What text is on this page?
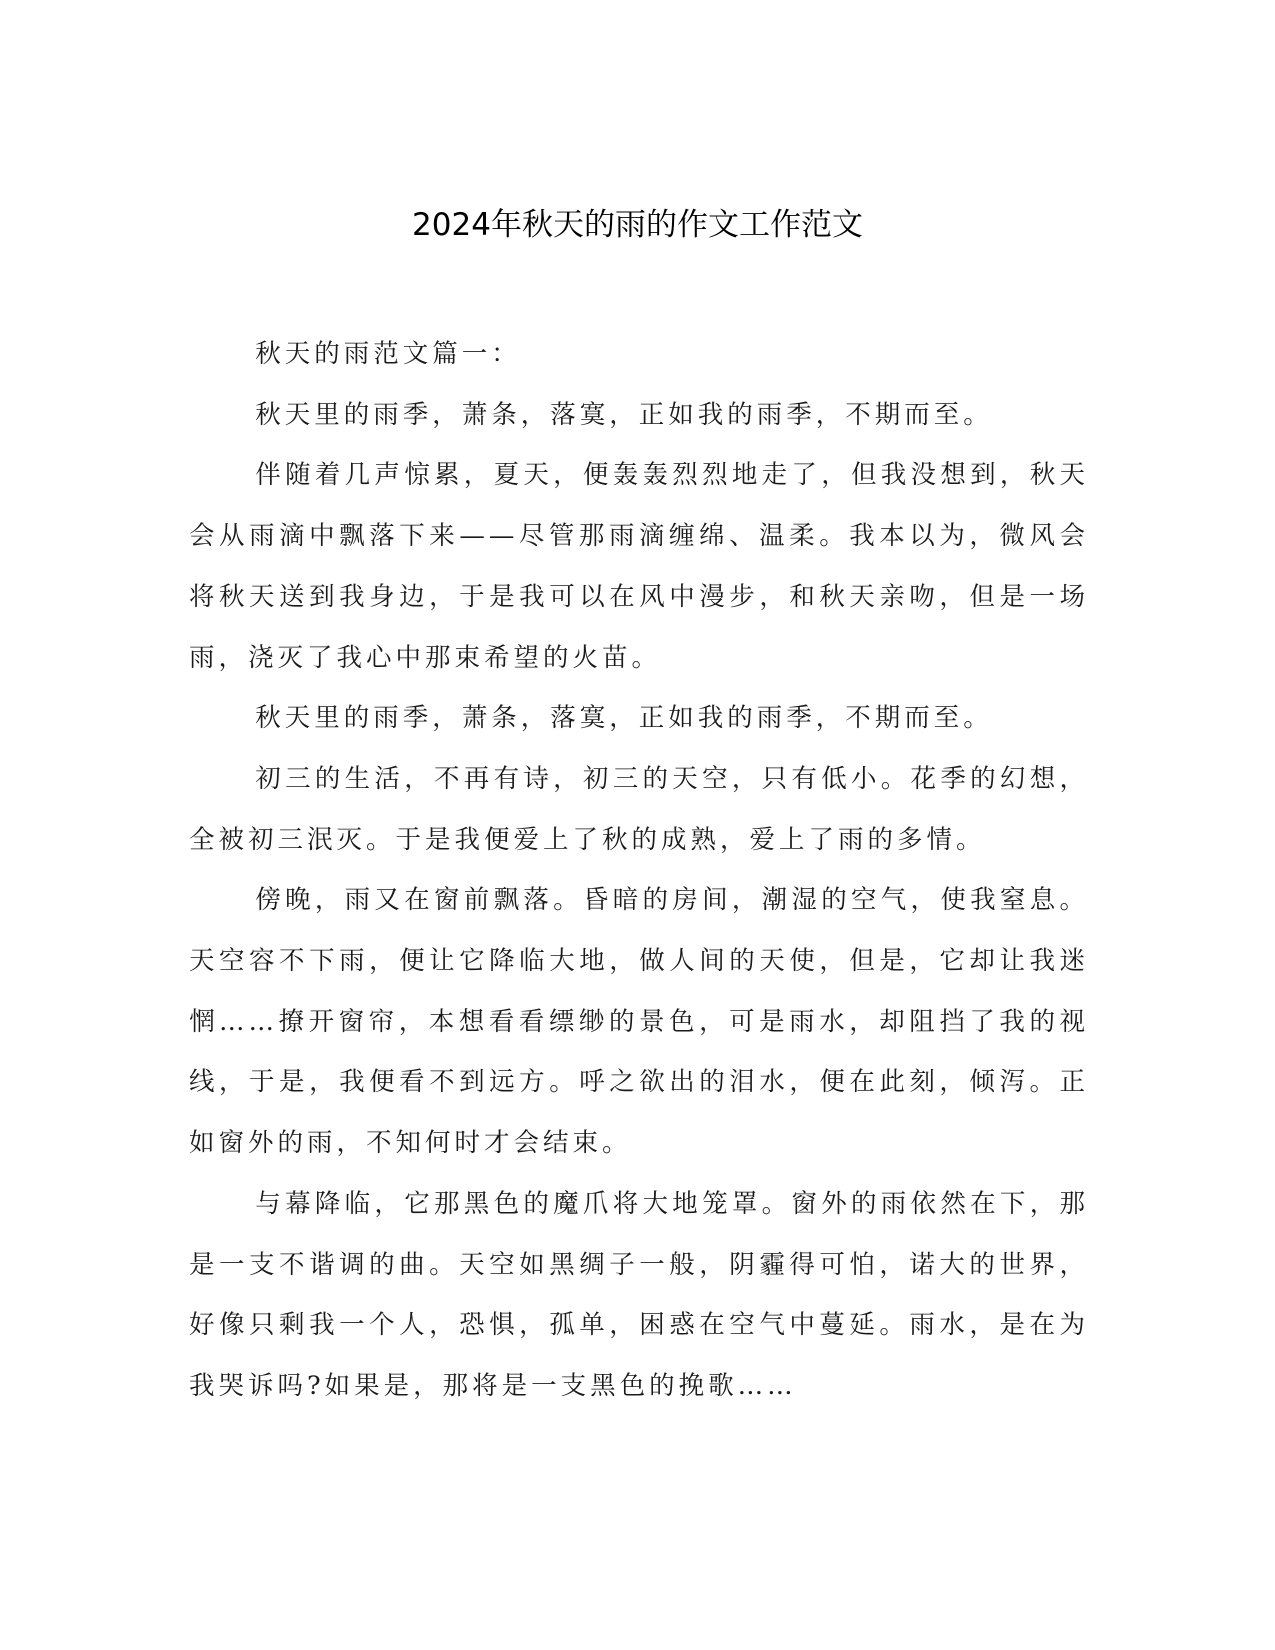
2024年秋天的雨的作文工作范文

秋天的雨范文篇一：

秋天里的雨季，萧条，落寞，正如我的雨季，不期而至。

伴随着几声惊累，夏天，便轰轰烈烈地走了，但我没想到，秋天会从雨滴中飘落下来——尽管那雨滴缠绵、温柔。我本以为，微风会将秋天送到我身边，于是我可以在风中漫步，和秋天亲吻，但是一场雨，浇灭了我心中那束希望的火苗。

秋天里的雨季，萧条，落寞，正如我的雨季，不期而至。

初三的生活，不再有诗，初三的天空，只有低小。花季的幻想，全被初三泯灭。于是我便爱上了秋的成熟，爱上了雨的多情。

傍晚，雨又在窗前飘落。昏暗的房间，潮湿的空气，使我窒息。天空容不下雨，便让它降临大地，做人间的天使，但是，它却让我迷惘……撩开窗帘，本想看看缥缈的景色，可是雨水，却阻挡了我的视线，于是，我便看不到远方。呼之欲出的泪水，便在此刻，倾泻。正如窗外的雨，不知何时才会结束。

与幕降临，它那黑色的魔爪将大地笼罩。窗外的雨依然在下，那是一支不谐调的曲。天空如黑绸子一般，阴霾得可怕，诺大的世界，好像只剩我一个人，恐惧，孤单，困惑在空气中蔓延。雨水，是在为我哭诉吗?如果是，那将是一支黑色的挽歌……
